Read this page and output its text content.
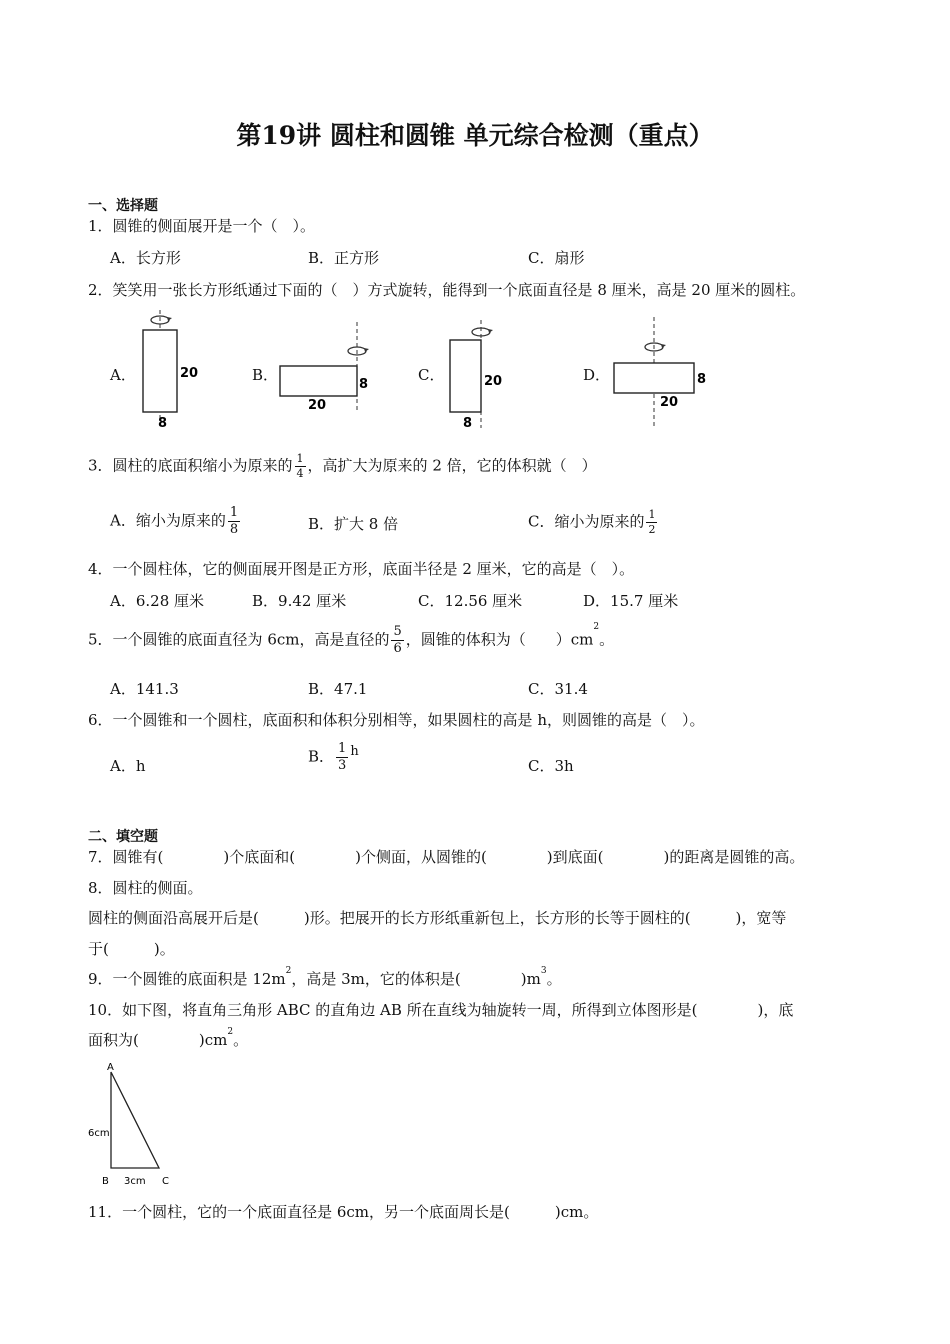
第19讲 圆柱和圆锥 单元综合检测（重点）
一、选择题
1．圆锥的侧面展开是一个（　）。
A．长方形	B．正方形	C．扇形
2．笑笑用一张长方形纸通过下面的（　）方式旋转，能得到一个底面直径是 8 厘米，高是 20 厘米的圆柱。
A．	B．	C．	D．
20
8
8
20
20
8
8
20
3．圆柱的底面积缩小为原来的 $\frac{1}{4}$ ，高扩大为原来的 2 倍，它的体积就（　）
A．缩小为原来的 $\frac{1}{8}$	B．扩大 8 倍	C．缩小为原来的 $\frac{1}{2}$
4．一个圆柱体，它的侧面展开图是正方形，底面半径是 2 厘米，它的高是（　）。
A．6.28 厘米	B．9.42 厘米	C．12.56 厘米	D．15.7 厘米
5．一个圆锥的底面直径为 6cm，高是直径的 $\frac{5}{6}$ ，圆锥的体积为（　　）$cm^2$。
A．141.3	B．47.1	C．31.4
6．一个圆锥和一个圆柱，底面积和体积分别相等，如果圆柱的高是 h，则圆锥的高是（　）。
A．h
B． $\frac{1}{3}$ h
C．3h
二、填空题
7．圆锥有(　　　　)个底面和(　　　　)个侧面，从圆锥的(　　　　)到底面(　　　　)的距离是圆锥的高。
8．圆柱的侧面。
圆柱的侧面沿高展开后是(　　　)形。把展开的长方形纸重新包上，长方形的长等于圆柱的(　　　)，宽等
于(　　　)。
9．一个圆锥的底面积是 $12m^2$，高是 3m，它的体积是(　　　　)$m^3$。
10．如下图，将直角三角形 ABC 的直角边 AB 所在直线为轴旋转一周，所得到立体图形是(　　　　)，底
面积为(　　　　)$cm^2$。
A
B	C
6cm
3cm
11．一个圆柱，它的一个底面直径是 6cm，另一个底面周长是(　　　)cm。
